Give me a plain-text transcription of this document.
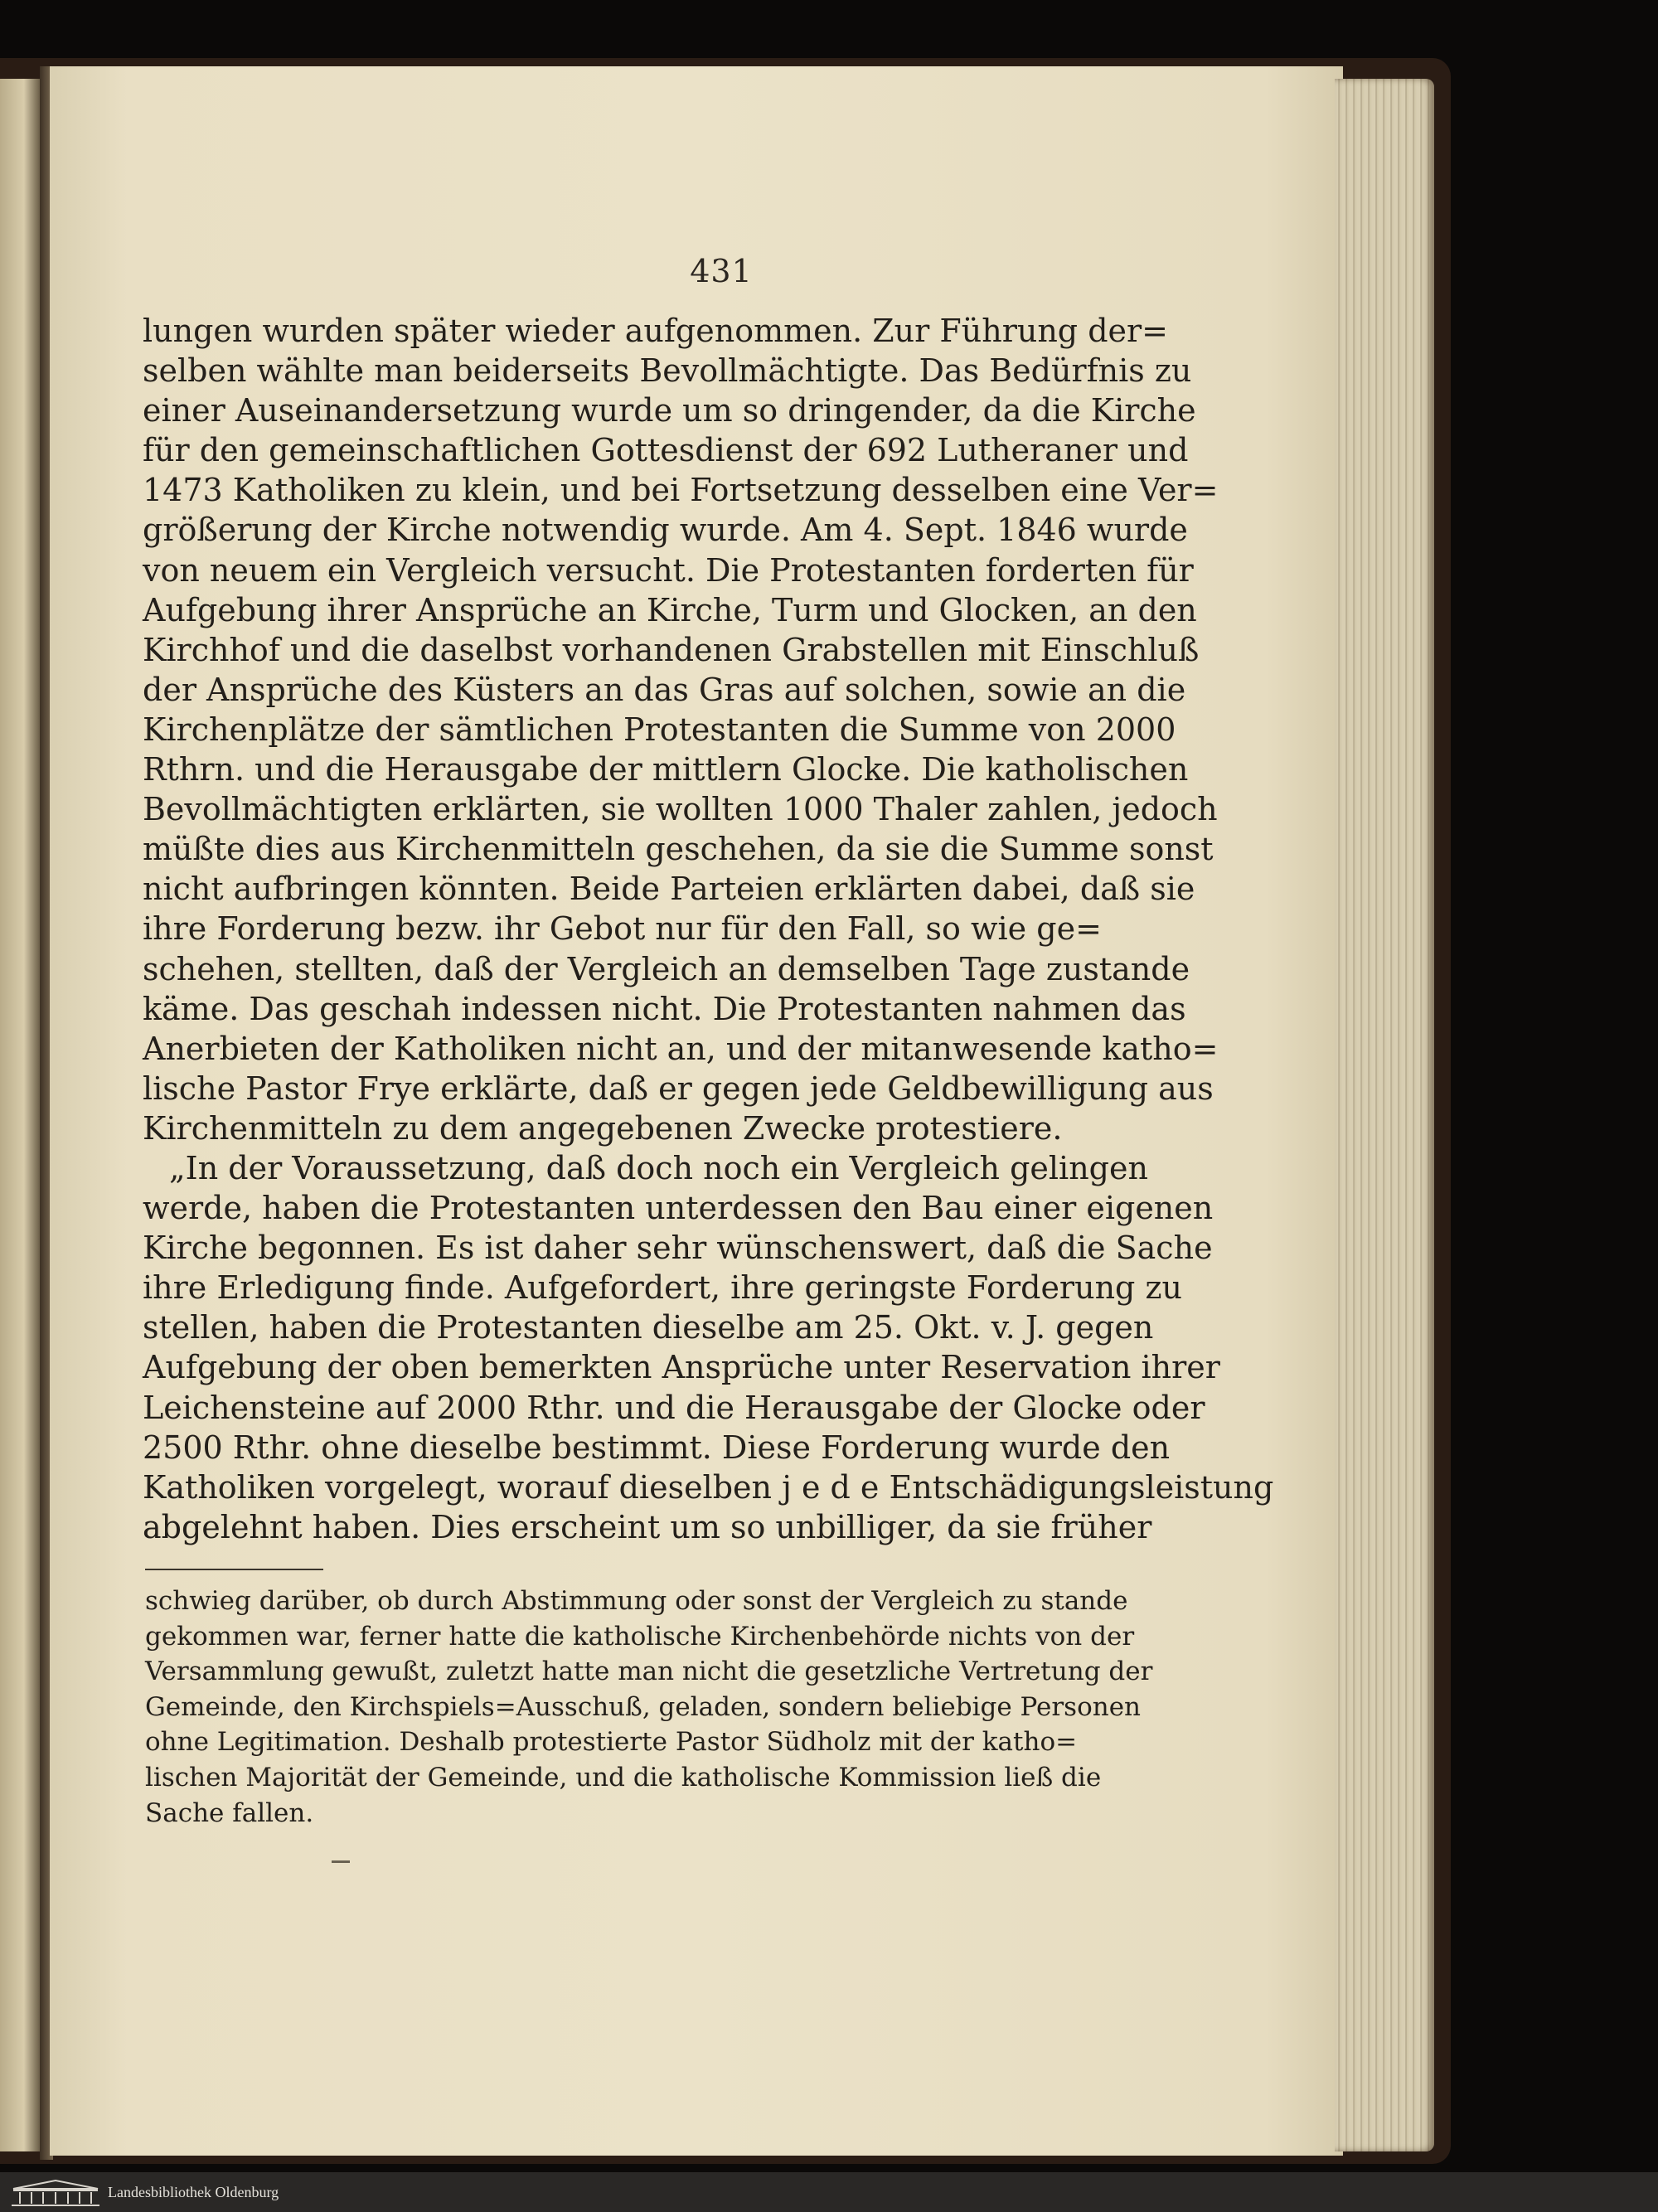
431
lungen wurden später wieder aufgenommen. Zur Führung der=
selben wählte man beiderseits Bevollmächtigte. Das Bedürfnis zu
einer Auseinandersetzung wurde um so dringender, da die Kirche
für den gemeinschaftlichen Gottesdienst der 692 Lutheraner und
1473 Katholiken zu klein, und bei Fortsetzung desselben eine Ver=
größerung der Kirche notwendig wurde. Am 4. Sept. 1846 wurde
von neuem ein Vergleich versucht. Die Protestanten forderten für
Aufgebung ihrer Ansprüche an Kirche, Turm und Glocken, an den
Kirchhof und die daselbst vorhandenen Grabstellen mit Einschluß
der Ansprüche des Küsters an das Gras auf solchen, sowie an die
Kirchenplätze der sämtlichen Protestanten die Summe von 2000
Rthrn. und die Herausgabe der mittlern Glocke. Die katholischen
Bevollmächtigten erklärten, sie wollten 1000 Thaler zahlen, jedoch
müßte dies aus Kirchenmitteln geschehen, da sie die Summe sonst
nicht aufbringen könnten. Beide Parteien erklärten dabei, daß sie
ihre Forderung bezw. ihr Gebot nur für den Fall, so wie ge=
schehen, stellten, daß der Vergleich an demselben Tage zustande
käme. Das geschah indessen nicht. Die Protestanten nahmen das
Anerbieten der Katholiken nicht an, und der mitanwesende katho=
lische Pastor Frye erklärte, daß er gegen jede Geldbewilligung aus
Kirchenmitteln zu dem angegebenen Zwecke protestiere.
„In der Voraussetzung, daß doch noch ein Vergleich gelingen
werde, haben die Protestanten unterdessen den Bau einer eigenen
Kirche begonnen. Es ist daher sehr wünschenswert, daß die Sache
ihre Erledigung finde. Aufgefordert, ihre geringste Forderung zu
stellen, haben die Protestanten dieselbe am 25. Okt. v. J. gegen
Aufgebung der oben bemerkten Ansprüche unter Reservation ihrer
Leichensteine auf 2000 Rthr. und die Herausgabe der Glocke oder
2500 Rthr. ohne dieselbe bestimmt. Diese Forderung wurde den
Katholiken vorgelegt, worauf dieselben j e d e Entschädigungsleistung
abgelehnt haben. Dies erscheint um so unbilliger, da sie früher
schwieg darüber, ob durch Abstimmung oder sonst der Vergleich zu stande
gekommen war, ferner hatte die katholische Kirchenbehörde nichts von der
Versammlung gewußt, zuletzt hatte man nicht die gesetzliche Vertretung der
Gemeinde, den Kirchspiels=Ausschuß, geladen, sondern beliebige Personen
ohne Legitimation. Deshalb protestierte Pastor Südholz mit der katho=
lischen Majorität der Gemeinde, und die katholische Kommission ließ die
Sache fallen.
Landesbibliothek Oldenburg
